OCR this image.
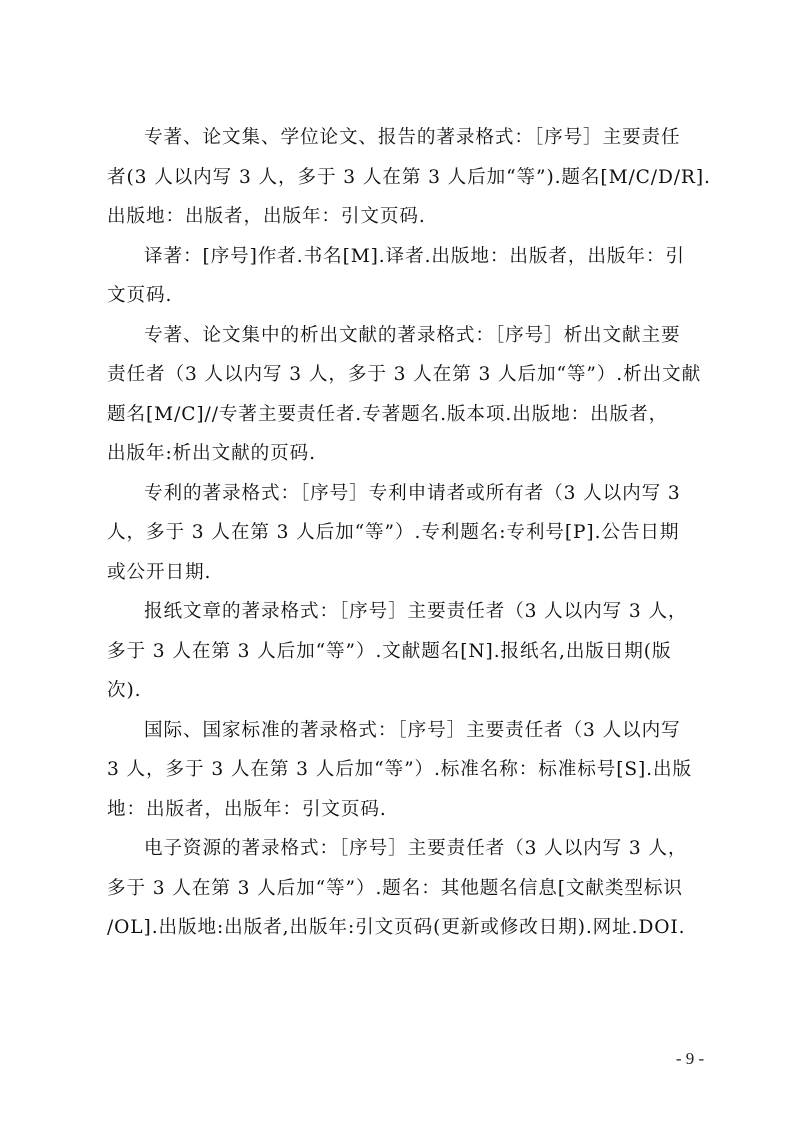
专著、论文集、学位论文、报告的著录格式：［序号］主要责任
者(3 人以内写 3 人，多于 3 人在第 3 人后加“等”).题名[M/C/D/R].
出版地：出版者，出版年：引文页码.
译著：[序号]作者.书名[M].译者.出版地：出版者，出版年：引
文页码.
专著、论文集中的析出文献的著录格式：［序号］析出文献主要
责任者（3 人以内写 3 人，多于 3 人在第 3 人后加“等”）.析出文献
题名[M/C]//专著主要责任者.专著题名.版本项.出版地：出版者，
出版年:析出文献的页码.
专利的著录格式：［序号］专利申请者或所有者（3 人以内写 3
人，多于 3 人在第 3 人后加“等”）.专利题名:专利号[P].公告日期
或公开日期.
报纸文章的著录格式：［序号］主要责任者（3 人以内写 3 人，
多于 3 人在第 3 人后加“等”）.文献题名[N].报纸名,出版日期(版
次).
国际、国家标准的著录格式：［序号］主要责任者（3 人以内写
3 人，多于 3 人在第 3 人后加“等”）.标准名称：标准标号[S].出版
地：出版者，出版年：引文页码.
电子资源的著录格式：［序号］主要责任者（3 人以内写 3 人，
多于 3 人在第 3 人后加“等”）.题名：其他题名信息[文献类型标识
/OL].出版地:出版者,出版年:引文页码(更新或修改日期).网址.DOI.
- 9 -
